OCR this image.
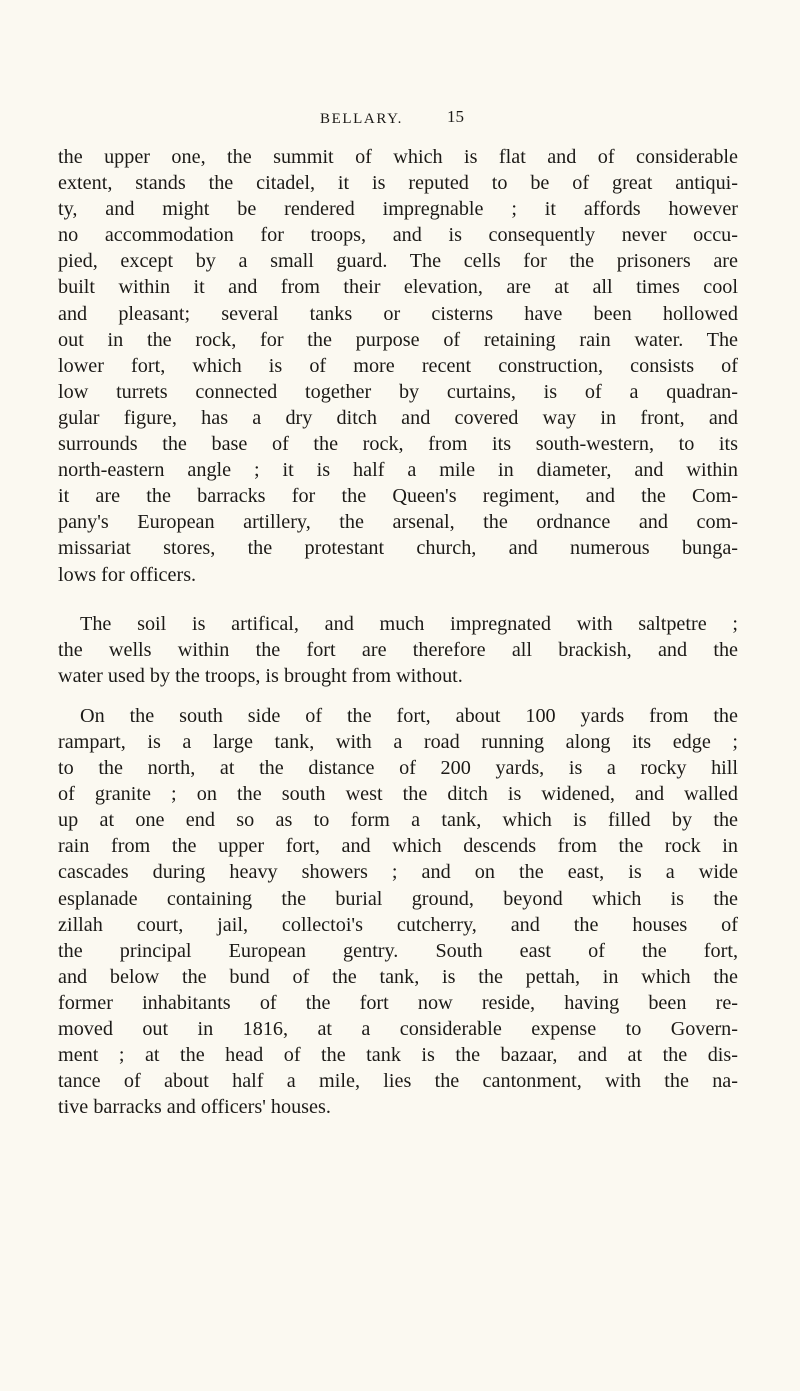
BELLARY.	15
the upper one, the summit of which is flat and of considerable
extent, stands the citadel, it is reputed to be of great antiqui-
ty, and might be rendered impregnable ; it affords however
no accommodation for troops, and is consequently never occu-
pied, except by a small guard. The cells for the prisoners are
built within it and from their elevation, are at all times cool
and pleasant; several tanks or cisterns have been hollowed
out in the rock, for the purpose of retaining rain water. The
lower fort, which is of more recent construction, consists of
low turrets connected together by curtains, is of a quadran-
gular figure, has a dry ditch and covered way in front, and
surrounds the base of the rock, from its south-western, to its
north-eastern angle ; it is half a mile in diameter, and within
it are the barracks for the Queen's regiment, and the Com-
pany's European artillery, the arsenal, the ordnance and com-
missariat stores, the protestant church, and numerous bunga-
lows for officers.
The soil is artifical, and much impregnated with saltpetre ;
the wells within the fort are therefore all brackish, and the
water used by the troops, is brought from without.
On the south side of the fort, about 100 yards from the
rampart, is a large tank, with a road running along its edge ;
to the north, at the distance of 200 yards, is a rocky hill
of granite ; on the south west the ditch is widened, and walled
up at one end so as to form a tank, which is filled by the
rain from the upper fort, and which descends from the rock in
cascades during heavy showers ; and on the east, is a wide
esplanade containing the burial ground, beyond which is the
zillah court, jail, collectoi's cutcherry, and the houses of
the principal European gentry. South east of the fort,
and below the bund of the tank, is the pettah, in which the
former inhabitants of the fort now reside, having been re-
moved out in 1816, at a considerable expense to Govern-
ment ; at the head of the tank is the bazaar, and at the dis-
tance of about half a mile, lies the cantonment, with the na-
tive barracks and officers' houses.
